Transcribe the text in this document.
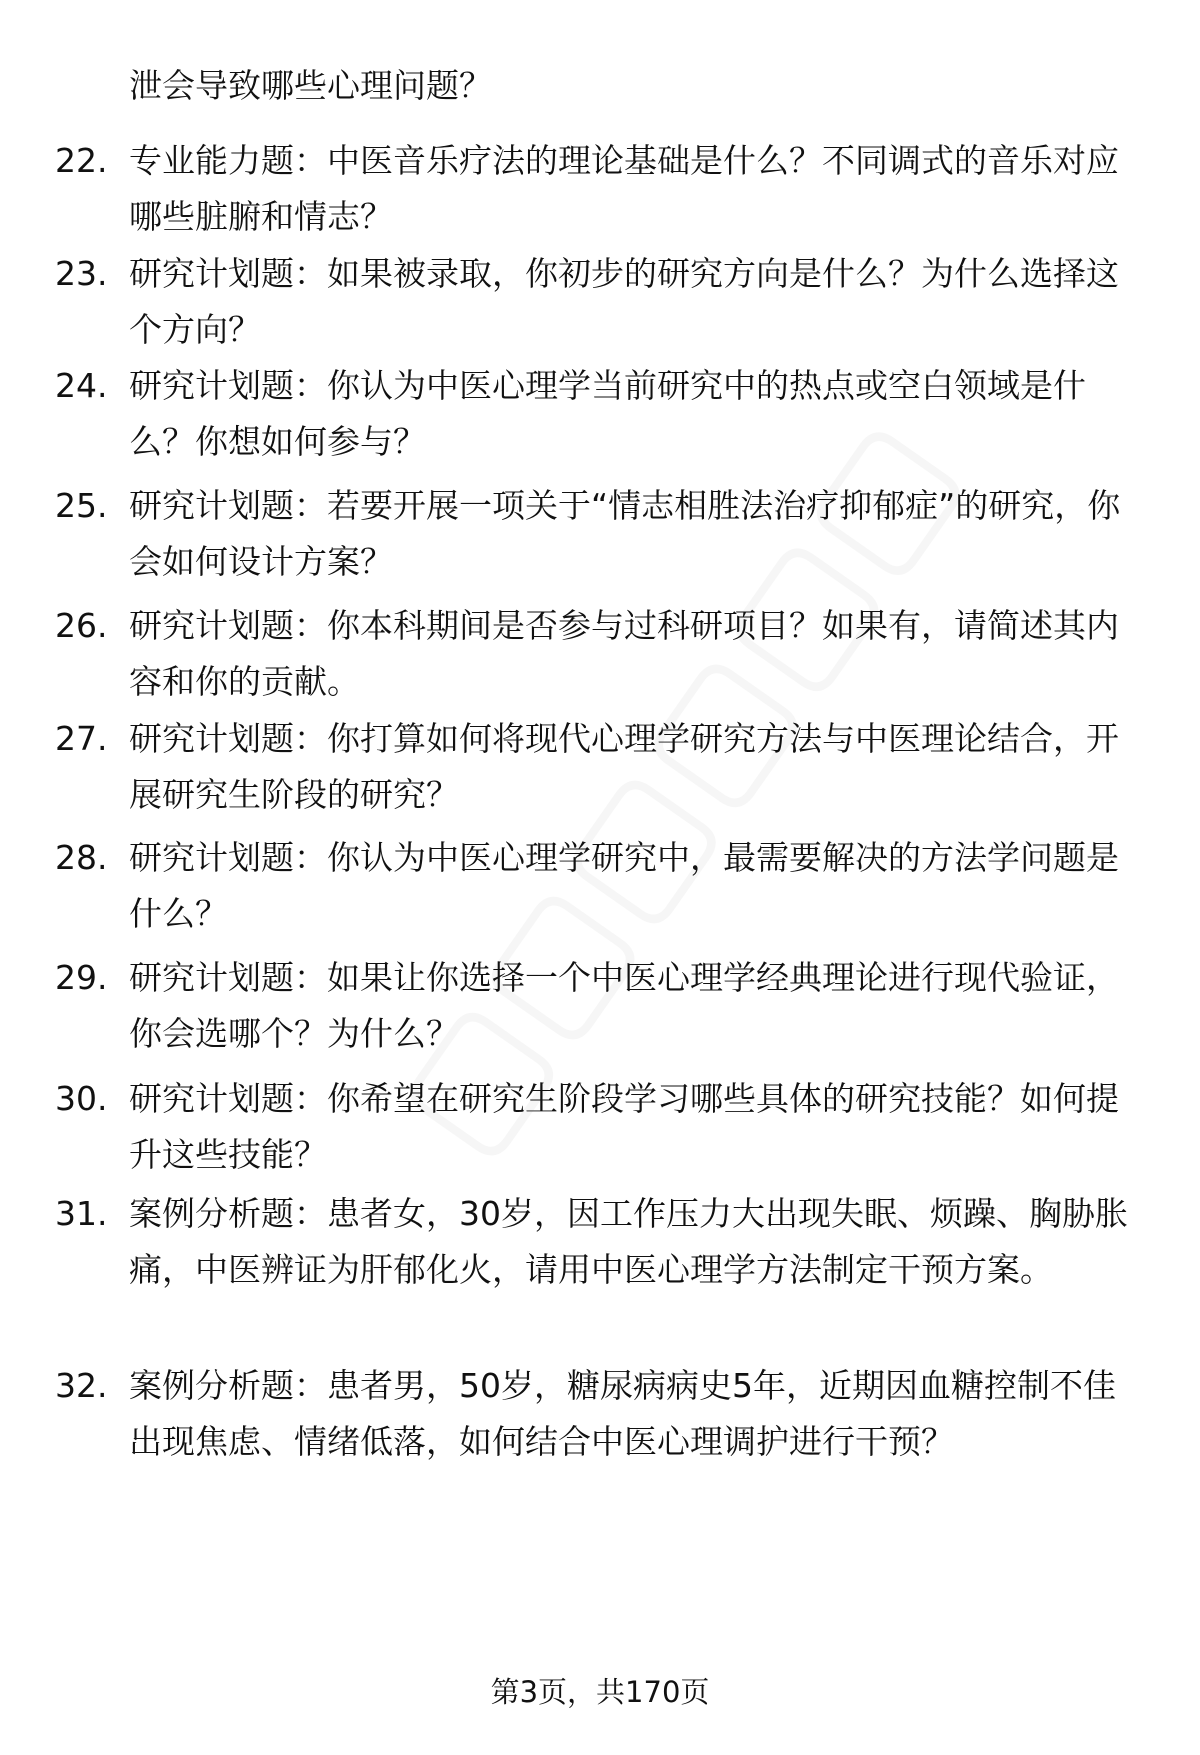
泄会导致哪些心理问题？

22. 专业能力题：中医音乐疗法的理论基础是什么？不同调式的音乐对应哪些脏腑和情志？

23. 研究计划题：如果被录取，你初步的研究方向是什么？为什么选择这个方向？

24. 研究计划题：你认为中医心理学当前研究中的热点或空白领域是什么？你想如何参与？

25. 研究计划题：若要开展一项关于“情志相胜法治疗抑郁症”的研究，你会如何设计方案？

26. 研究计划题：你本科期间是否参与过科研项目？如果有，请简述其内容和你的贡献。

27. 研究计划题：你打算如何将现代心理学研究方法与中医理论结合，开展研究生阶段的研究？

28. 研究计划题：你认为中医心理学研究中，最需要解决的方法学问题是什么？

29. 研究计划题：如果让你选择一个中医心理学经典理论进行现代验证，你会选哪个？为什么？

30. 研究计划题：你希望在研究生阶段学习哪些具体的研究技能？如何提升这些技能？

31. 案例分析题：患者女，30岁，因工作压力大出现失眠、烦躁、胸胁胀痛，中医辨证为肝郁化火，请用中医心理学方法制定干预方案。

32. 案例分析题：患者男，50岁，糖尿病病史5年，近期因血糖控制不佳出现焦虑、情绪低落，如何结合中医心理调护进行干预？

第3页，共170页
